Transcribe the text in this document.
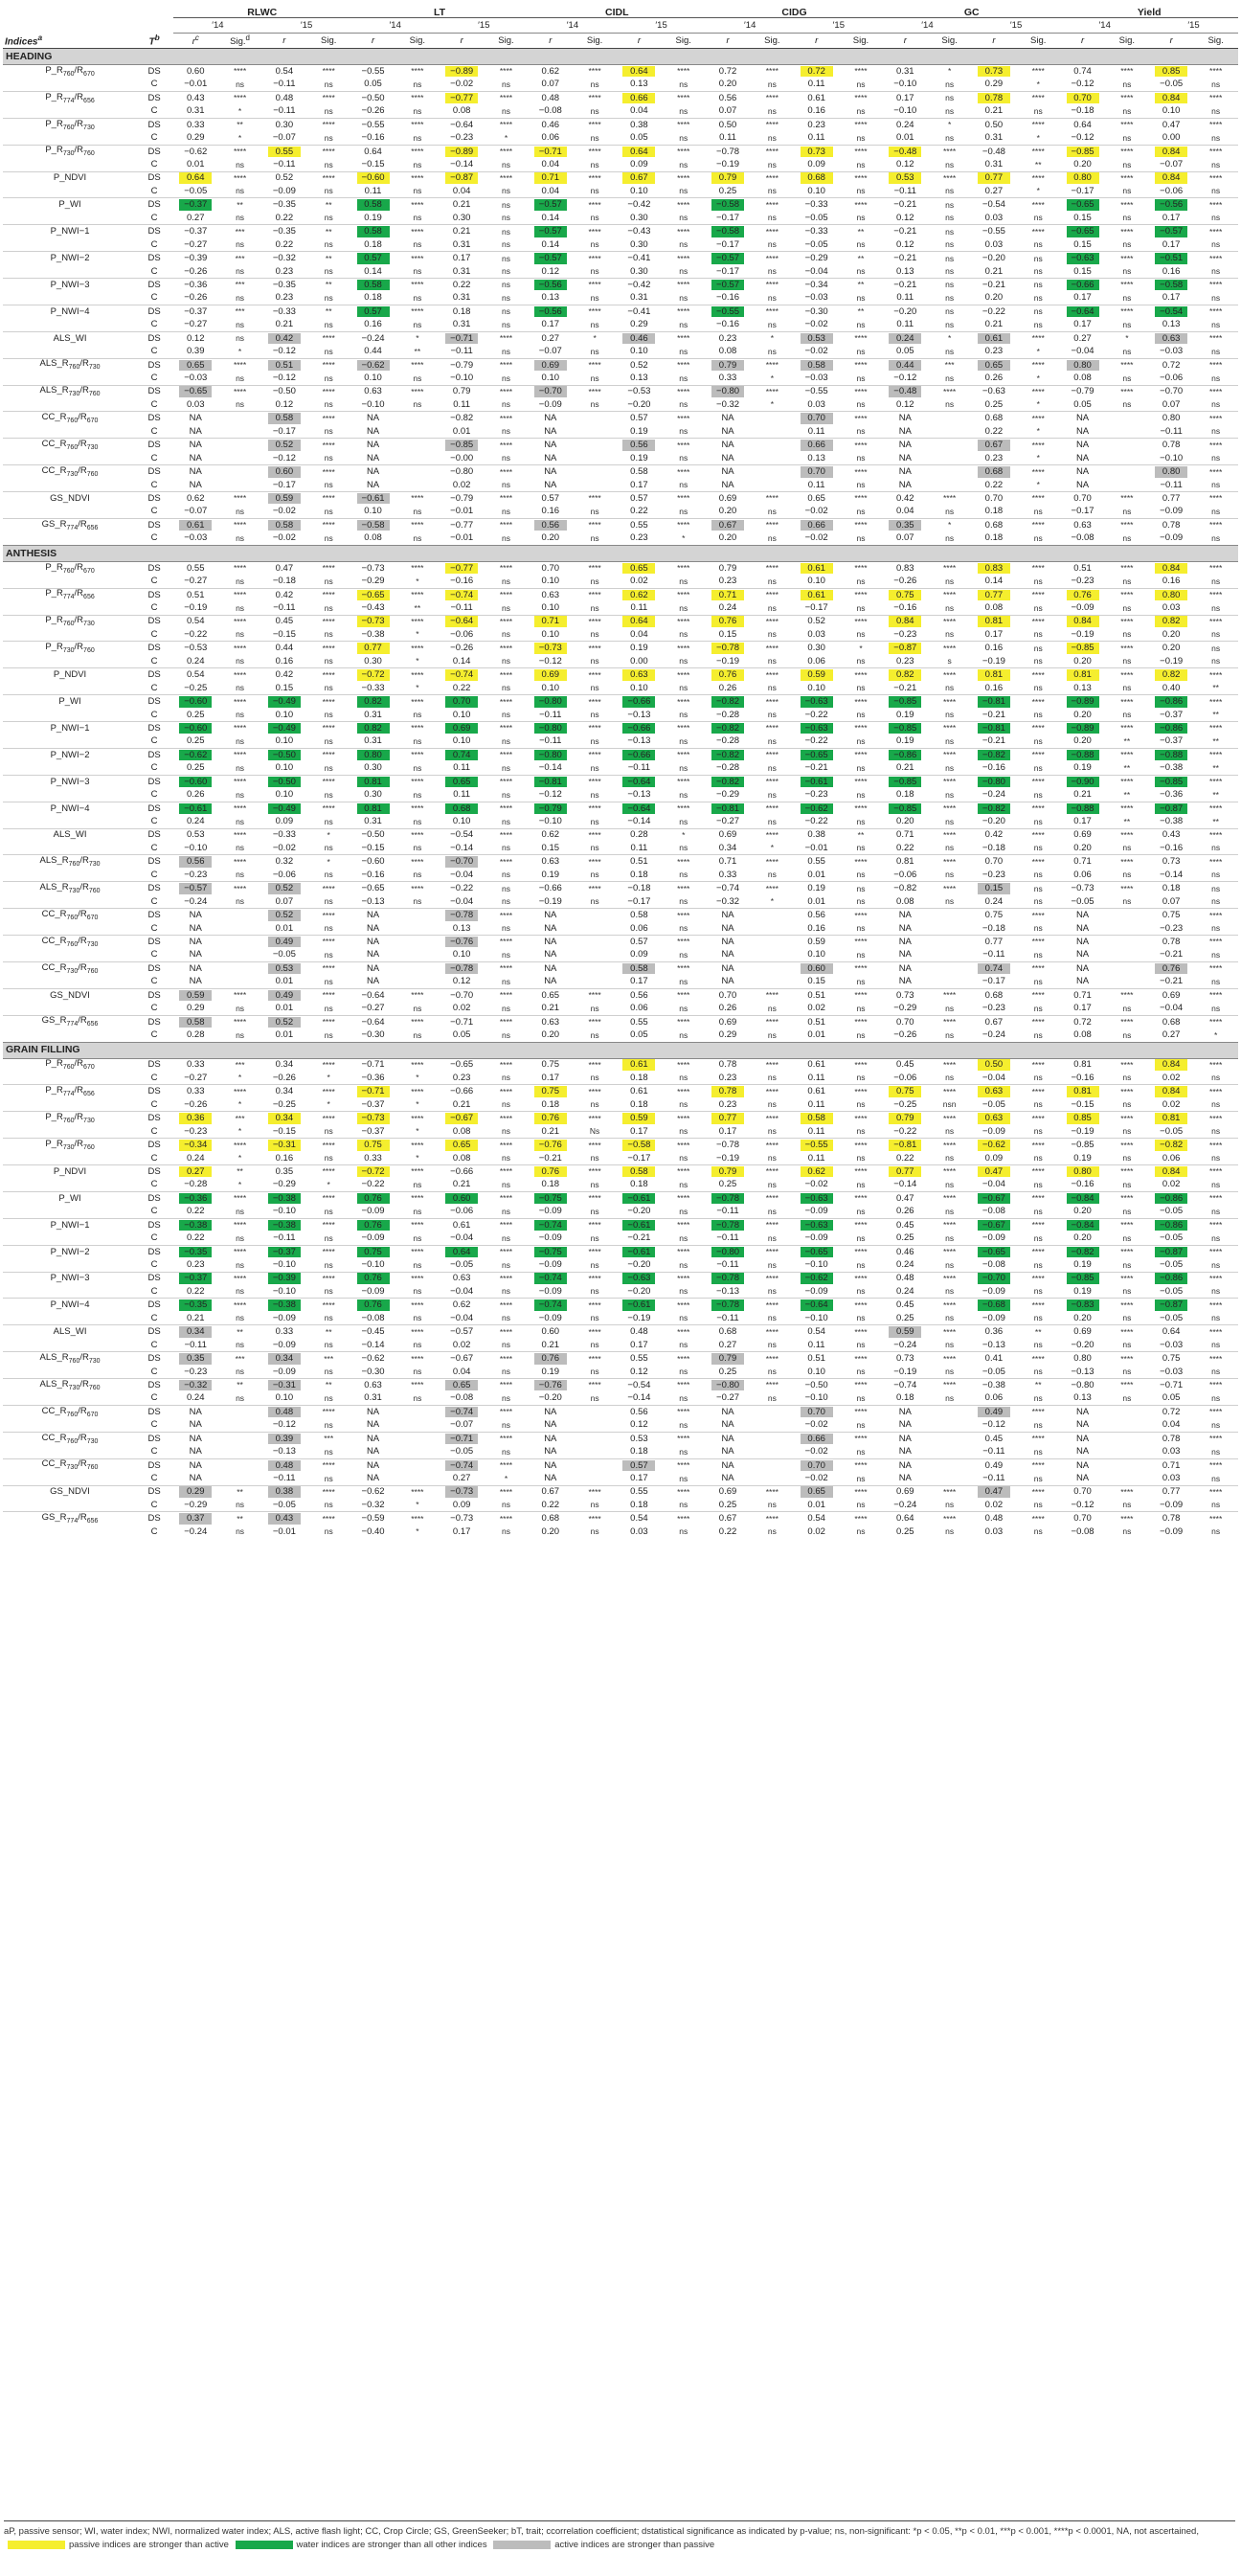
		RLWC				LT				CIDL				CIDG				GC				Yield			
		′14		′15		′14		′15		′14		′15		′14		′15		′14		′15		′14		′15	
Indices$^a$	$T^b$	$r^c$	Sig.$^d$	r	Sig.	r	Sig.	r	Sig.	r	Sig.	r	Sig.	r	Sig.	r	Sig.	r	Sig.	r	Sig.	r	Sig.	r	Sig.
HEADING																									
$P\_R_{760}/R_{670}$	DS	0.60	****	0.54	****	−0.55	****	−0.89	****	0.62	****	0.64	****	0.72	****	0.72	****	0.31	*	0.73	****	0.74	****	0.85	****
	C	−0.01	ns	−0.11	ns	0.05	ns	−0.02	ns	0.07	ns	0.13	ns	0.20	ns	0.11	ns	−0.10	ns	0.29	*	−0.12	ns	−0.05	ns
$P\_R_{774}/R_{656}$	DS	0.43	****	0.48	****	−0.50	****	−0.77	****	0.48	****	0.66	****	0.56	****	0.61	****	0.17	ns	0.78	****	0.70	****	0.84	****
	C	0.31	*	−0.11	ns	−0.26	ns	0.08	ns	−0.08	ns	0.04	ns	0.07	ns	0.16	ns	−0.10	ns	0.21	ns	−0.18	ns	0.10	ns
$P\_R_{760}/R_{730}$	DS	0.33	**	0.30	****	−0.55	****	−0.64	****	0.46	****	0.38	****	0.50	****	0.23	****	0.24	*	0.50	****	0.64	****	0.47	****
	C	0.29	*	−0.07	ns	−0.16	ns	−0.23	*	0.06	ns	0.05	ns	0.11	ns	0.11	ns	0.01	ns	0.31	*	−0.12	ns	0.00	ns
$P\_R_{730}/R_{760}$	DS	−0.62	****	0.55	****	0.64	****	−0.89	****	−0.71	****	0.64	****	−0.78	****	0.73	****	−0.48	****	−0.48	****	−0.85	****	0.84	****
	C	0.01	ns	−0.11	ns	−0.15	ns	−0.14	ns	0.04	ns	0.09	ns	−0.19	ns	0.09	ns	0.12	ns	0.31	**	0.20	ns	−0.07	ns
P_NDVI	DS	0.64	****	0.52	****	−0.60	****	−0.87	****	0.71	****	0.67	****	0.79	****	0.68	****	0.53	****	0.77	****	0.80	****	0.84	****
	C	−0.05	ns	−0.09	ns	0.11	ns	0.04	ns	0.04	ns	0.10	ns	0.25	ns	0.10	ns	−0.11	ns	0.27	*	−0.17	ns	−0.06	ns
P_WI	DS	−0.37	**	−0.35	**	0.58	****	0.21	ns	−0.57	****	−0.42	****	−0.58	****	−0.33	****	−0.21	ns	−0.54	****	−0.65	****	−0.56	****
	C	0.27	ns	0.22	ns	0.19	ns	0.30	ns	0.14	ns	0.30	ns	−0.17	ns	−0.05	ns	0.12	ns	0.03	ns	0.15	ns	0.17	ns
P_NWI−1	DS	−0.37	***	−0.35	**	0.58	****	0.21	ns	−0.57	****	−0.43	****	−0.58	****	−0.33	**	−0.21	ns	−0.55	****	−0.65	****	−0.57	****
	C	−0.27	ns	0.22	ns	0.18	ns	0.31	ns	0.14	ns	0.30	ns	−0.17	ns	−0.05	ns	0.12	ns	0.03	ns	0.15	ns	0.17	ns
P_NWI−2	DS	−0.39	***	−0.32	**	0.57	****	0.17	ns	−0.57	****	−0.41	****	−0.57	****	−0.29	**	−0.21	ns	−0.20	ns	−0.63	****	−0.51	****
	C	−0.26	ns	0.23	ns	0.14	ns	0.31	ns	0.12	ns	0.30	ns	−0.17	ns	−0.04	ns	0.13	ns	0.21	ns	0.15	ns	0.16	ns
P_NWI−3	DS	−0.36	***	−0.35	**	0.58	****	0.22	ns	−0.56	****	−0.42	****	−0.57	****	−0.34	**	−0.21	ns	−0.21	ns	−0.66	****	−0.58	****
	C	−0.26	ns	0.23	ns	0.18	ns	0.31	ns	0.13	ns	0.31	ns	−0.16	ns	−0.03	ns	0.11	ns	0.20	ns	0.17	ns	0.17	ns
P_NWI−4	DS	−0.37	***	−0.33	**	0.57	****	0.18	ns	−0.56	****	−0.41	****	−0.55	****	−0.30	**	−0.20	ns	−0.22	ns	−0.64	****	−0.54	****
	C	−0.27	ns	0.21	ns	0.16	ns	0.31	ns	0.17	ns	0.29	ns	−0.16	ns	−0.02	ns	0.11	ns	0.21	ns	0.17	ns	0.13	ns
ALS_WI	DS	0.12	ns	0.42	****	−0.24	*	−0.71	****	0.27	*	0.46	****	0.23	*	0.53	****	0.24	*	0.61	****	0.27	*	0.63	****
	C	0.39	*	−0.12	ns	0.44	**	−0.11	ns	−0.07	ns	0.10	ns	0.08	ns	−0.02	ns	0.05	ns	0.23	*	−0.04	ns	−0.03	ns
$ALS\_R_{760}/R_{730}$	DS	0.65	****	0.51	****	−0.62	****	−0.79	****	0.69	****	0.52	****	0.79	****	0.58	****	0.44	***	0.65	****	0.80	****	0.72	****
	C	−0.03	ns	−0.12	ns	0.10	ns	−0.10	ns	0.10	ns	0.13	ns	0.33	*	−0.03	ns	−0.12	ns	0.26	*	0.08	ns	−0.06	ns
$ALS\_R_{730}/R_{760}$	DS	−0.65	****	−0.50	****	0.63	****	0.79	****	−0.70	****	−0.53	****	−0.80	****	−0.55	****	−0.48	****	−0.63	****	−0.79	****	−0.70	****
	C	0.03	ns	0.12	ns	−0.10	ns	0.11	ns	−0.09	ns	−0.20	ns	−0.32	*	0.03	ns	0.12	ns	0.25	*	0.05	ns	0.07	ns
$CC\_R_{760}/R_{670}$	DS	NA		0.58	****	NA		−0.82	****	NA		0.57	****	NA		0.70	****	NA		0.68	****	NA		0.80	****
	C	NA		−0.17	ns	NA		0.01	ns	NA		0.19	ns	NA		0.11	ns	NA		0.22	*	NA		−0.11	ns
$CC\_R_{760}/R_{730}$	DS	NA		0.52	****	NA		−0.85	****	NA		0.56	****	NA		0.66	****	NA		0.67	****	NA		0.78	****
	C	NA		−0.12	ns	NA		−0.00	ns	NA		0.19	ns	NA		0.13	ns	NA		0.23	*	NA		−0.10	ns
$CC\_R_{730}/R_{760}$	DS	NA		0.60	****	NA		−0.80	****	NA		0.58	****	NA		0.70	****	NA		0.68	****	NA		0.80	****
	C	NA		−0.17	ns	NA		0.02	ns	NA		0.17	ns	NA		0.11	ns	NA		0.22	*	NA		−0.11	ns
GS_NDVI	DS	0.62	****	0.59	****	−0.61	****	−0.79	****	0.57	****	0.57	****	0.69	****	0.65	****	0.42	****	0.70	****	0.70	****	0.77	****
	C	−0.07	ns	−0.02	ns	0.10	ns	−0.01	ns	0.16	ns	0.22	ns	0.20	ns	−0.02	ns	0.04	ns	0.18	ns	−0.17	ns	−0.09	ns
$GS\_R_{774}/R_{656}$	DS	0.61	****	0.58	****	−0.58	****	−0.77	****	0.56	****	0.55	****	0.67	****	0.66	****	0.35	*	0.68	****	0.63	****	0.78	****
	C	−0.03	ns	−0.02	ns	0.08	ns	−0.01	ns	0.20	ns	0.23	*	0.20	ns	−0.02	ns	0.07	ns	0.18	ns	−0.08	ns	−0.09	ns
ANTHESIS																									
$P\_R_{760}/R_{670}$	DS	0.55	****	0.47	****	−0.73	****	−0.77	****	0.70	****	0.65	****	0.79	****	0.61	****	0.83	****	0.83	****	0.51	****	0.84	****
	C	−0.27	ns	−0.18	ns	−0.29	*	−0.16	ns	0.10	ns	0.02	ns	0.23	ns	0.10	ns	−0.26	ns	0.14	ns	−0.23	ns	0.16	ns
$P\_R_{774}/R_{656}$	DS	0.51	****	0.42	****	−0.65	****	−0.74	****	0.63	****	0.62	****	0.71	****	0.61	****	0.75	****	0.77	****	0.76	****	0.80	****
	C	−0.19	ns	−0.11	ns	−0.43	**	−0.11	ns	0.10	ns	0.11	ns	0.24	ns	−0.17	ns	−0.16	ns	0.08	ns	−0.09	ns	0.03	ns
$P\_R_{760}/R_{730}$	DS	0.54	****	0.45	****	−0.73	****	−0.64	****	0.71	****	0.64	****	0.76	****	0.52	****	0.84	****	0.81	****	0.84	****	0.82	****
	C	−0.22	ns	−0.15	ns	−0.38	*	−0.06	ns	0.10	ns	0.04	ns	0.15	ns	0.03	ns	−0.23	ns	0.17	ns	−0.19	ns	0.20	ns
$P\_R_{730}/R_{760}$	DS	−0.53	****	0.44	****	0.77	****	−0.26	****	−0.73	****	0.19	****	−0.78	****	0.30	*	−0.87	****	0.16	ns	−0.85	****	0.20	ns
	C	0.24	ns	0.16	ns	0.30	*	0.14	ns	−0.12	ns	0.00	ns	−0.19	ns	0.06	ns	0.23	s	−0.19	ns	0.20	ns	−0.19	ns
P_NDVI	DS	0.54	****	0.42	****	−0.72	****	−0.74	****	0.69	****	0.63	****	0.76	****	0.59	****	0.82	****	0.81	****	0.81	****	0.82	****
	C	−0.25	ns	0.15	ns	−0.33	*	0.22	ns	0.10	ns	0.10	ns	0.26	ns	0.10	ns	−0.21	ns	0.16	ns	0.13	ns	0.40	**
P_WI	DS	−0.60	****	−0.49	****	0.82	****	0.70	****	−0.80	****	−0.66	****	−0.82	****	−0.63	****	−0.85	****	−0.81	****	−0.89	****	−0.86	****
	C	0.25	ns	0.10	ns	0.31	ns	0.10	ns	−0.11	ns	−0.13	ns	−0.28	ns	−0.22	ns	0.19	ns	−0.21	ns	0.20	ns	−0.37	**
P_NWI−1	DS	−0.60	****	−0.49	****	0.82	****	0.69	****	−0.80	****	−0.66	****	−0.82	****	−0.63	****	−0.85	****	−0.81	****	−0.89	****	−0.86	****
	C	0.25	ns	0.10	ns	0.31	ns	0.10	ns	−0.11	ns	−0.13	ns	−0.28	ns	−0.22	ns	0.19	ns	−0.21	ns	0.20	**	−0.37	**
P_NWI−2	DS	−0.62	****	−0.50	****	0.80	****	0.74	****	−0.80	****	−0.66	****	−0.82	****	−0.65	****	−0.86	****	−0.82	****	−0.88	****	−0.88	****
	C	0.25	ns	0.10	ns	0.30	ns	0.11	ns	−0.14	ns	−0.11	ns	−0.28	ns	−0.21	ns	0.21	ns	−0.16	ns	0.19	**	−0.38	**
P_NWI−3	DS	−0.60	****	−0.50	****	0.81	****	0.65	****	−0.81	****	−0.64	****	−0.82	****	−0.61	****	−0.85	****	−0.80	****	−0.90	****	−0.85	****
	C	0.26	ns	0.10	ns	0.30	ns	0.11	ns	−0.12	ns	−0.13	ns	−0.29	ns	−0.23	ns	0.18	ns	−0.24	ns	0.21	**	−0.36	**
P_NWI−4	DS	−0.61	****	−0.49	****	0.81	****	0.68	****	−0.79	****	−0.64	****	−0.81	****	−0.62	****	−0.85	****	−0.82	****	−0.88	****	−0.87	****
	C	0.24	ns	0.09	ns	0.31	ns	0.10	ns	−0.10	ns	−0.14	ns	−0.27	ns	−0.22	ns	0.20	ns	−0.20	ns	0.17	**	−0.38	**
ALS_WI	DS	0.53	****	−0.33	*	−0.50	****	−0.54	****	0.62	****	0.28	*	0.69	****	0.38	**	0.71	****	0.42	****	0.69	****	0.43	****
	C	−0.10	ns	−0.02	ns	−0.15	ns	−0.14	ns	0.15	ns	0.11	ns	0.34	*	−0.01	ns	0.22	ns	−0.18	ns	0.20	ns	−0.16	ns
$ALS\_R_{760}/R_{730}$	DS	0.56	****	0.32	*	−0.60	****	−0.70	****	0.63	****	0.51	****	0.71	****	0.55	****	0.81	****	0.70	****	0.71	****	0.73	****
	C	−0.23	ns	−0.06	ns	−0.16	ns	−0.04	ns	0.19	ns	0.18	ns	0.33	ns	0.01	ns	−0.06	ns	−0.23	ns	0.06	ns	−0.14	ns
$ALS\_R_{730}/R_{760}$	DS	−0.57	****	0.52	****	−0.65	****	−0.22	ns	−0.66	****	−0.18	****	−0.74	****	0.19	ns	−0.82	****	0.15	ns	−0.73	****	0.18	ns
	C	−0.24	ns	0.07	ns	−0.13	ns	−0.04	ns	−0.19	ns	−0.17	ns	−0.32	*	0.01	ns	0.08	ns	0.24	ns	−0.05	ns	0.07	ns
$CC\_R_{760}/R_{670}$	DS	NA		0.52	****	NA		−0.78	****	NA		0.58	****	NA		0.56	****	NA		0.75	****	NA		0.75	****
	C	NA		0.01	ns	NA		0.13	ns	NA		0.06	ns	NA		0.16	ns	NA		−0.18	ns	NA		−0.23	ns
$CC\_R_{760}/R_{730}$	DS	NA		0.49	****	NA		−0.76	****	NA		0.57	****	NA		0.59	****	NA		0.77	****	NA		0.78	****
	C	NA		−0.05	ns	NA		0.10	ns	NA		0.09	ns	NA		0.10	ns	NA		−0.11	ns	NA		−0.21	ns
$CC\_R_{730}/R_{760}$	DS	NA		0.53	****	NA		−0.78	****	NA		0.58	****	NA		0.60	****	NA		0.74	****	NA		0.76	****
	C	NA		0.01	ns	NA		0.12	ns	NA		0.17	ns	NA		0.15	ns	NA		−0.17	ns	NA		−0.21	ns
GS_NDVI	DS	0.59	****	0.49	****	−0.64	****	−0.70	****	0.65	****	0.56	****	0.70	****	0.51	****	0.73	****	0.68	****	0.71	****	0.69	****
	C	0.29	ns	0.01	ns	−0.27	ns	0.02	ns	0.21	ns	0.06	ns	0.26	ns	0.02	ns	−0.29	ns	−0.23	ns	0.17	ns	−0.04	ns
$GS\_R_{774}/R_{656}$	DS	0.58	****	0.52	****	−0.64	****	−0.71	****	0.63	****	0.55	****	0.69	****	0.51	****	0.70	****	0.67	****	0.72	****	0.68	****
	C	0.28	ns	0.01	ns	−0.30	ns	0.05	ns	0.20	ns	0.05	ns	0.29	ns	0.01	ns	−0.26	ns	−0.24	ns	0.08	ns	0.27	*
GRAIN FILLING																									
$P\_R_{760}/R_{670}$	DS	0.33	***	0.34	****	−0.71	****	−0.65	****	0.75	****	0.61	****	0.78	****	0.61	****	0.45	****	0.50	****	0.81	****	0.84	****
	C	−0.27	*	−0.26	*	−0.36	*	0.23	ns	0.17	ns	0.18	ns	0.23	ns	0.11	ns	−0.06	ns	−0.04	ns	−0.16	ns	0.02	ns
$P\_R_{774}/R_{656}$	DS	0.33	****	0.34	****	−0.71	****	−0.66	****	0.75	****	0.61	****	0.78	****	0.61	****	0.75	****	0.63	****	0.81	****	0.84	****
	C	−0.26	*	−0.25	*	−0.37	*	0.21	ns	0.18	ns	0.18	ns	0.23	ns	0.11	ns	−0.25	nsn	−0.05	ns	−0.15	ns	0.02	ns
$P\_R_{760}/R_{730}$	DS	0.36	***	0.34	****	−0.73	****	−0.67	****	0.76	****	0.59	****	0.77	****	0.58	****	0.79	****	0.63	****	0.85	****	0.81	****
	C	−0.23	*	−0.15	ns	−0.37	*	0.08	ns	0.21	Ns	0.17	ns	0.17	ns	0.11	ns	−0.22	ns	−0.09	ns	−0.19	ns	−0.05	ns
$P\_R_{730}/R_{760}$	DS	−0.34	****	−0.31	****	0.75	****	0.65	****	−0.76	****	−0.58	****	−0.78	****	−0.55	****	−0.81	****	−0.62	****	−0.85	****	−0.82	****
	C	0.24	*	0.16	ns	0.33	*	0.08	ns	−0.21	ns	−0.17	ns	−0.19	ns	0.11	ns	0.22	ns	0.09	ns	0.19	ns	0.06	ns
P_NDVI	DS	0.27	**	0.35	****	−0.72	****	−0.66	****	0.76	****	0.58	****	0.79	****	0.62	****	0.77	****	0.47	****	0.80	****	0.84	****
	C	−0.28	*	−0.29	*	−0.22	ns	0.21	ns	0.18	ns	0.18	ns	0.25	ns	−0.02	ns	−0.14	ns	−0.04	ns	−0.16	ns	0.02	ns
P_WI	DS	−0.36	****	−0.38	****	0.76	****	0.60	****	−0.75	****	−0.61	****	−0.78	****	−0.63	****	0.47	****	−0.67	****	−0.84	****	−0.86	****
	C	0.22	ns	−0.10	ns	−0.09	ns	−0.06	ns	−0.09	ns	−0.20	ns	−0.11	ns	−0.09	ns	0.26	ns	−0.08	ns	0.20	ns	−0.05	ns
P_NWI−1	DS	−0.38	****	−0.38	****	0.76	****	0.61	****	−0.74	****	−0.61	****	−0.78	****	−0.63	****	0.45	****	−0.67	****	−0.84	****	−0.86	****
	C	0.22	ns	−0.11	ns	−0.09	ns	−0.04	ns	−0.09	ns	−0.21	ns	−0.11	ns	−0.09	ns	0.25	ns	−0.09	ns	0.20	ns	−0.05	ns
P_NWI−2	DS	−0.35	****	−0.37	****	0.75	****	0.64	****	−0.75	****	−0.61	****	−0.80	****	−0.65	****	0.46	****	−0.65	****	−0.82	****	−0.87	****
	C	0.23	ns	−0.10	ns	−0.10	ns	−0.05	ns	−0.09	ns	−0.20	ns	−0.11	ns	−0.10	ns	0.24	ns	−0.08	ns	0.19	ns	−0.05	ns
P_NWI−3	DS	−0.37	****	−0.39	****	0.76	****	0.63	****	−0.74	****	−0.63	****	−0.78	****	−0.62	****	0.48	****	−0.70	****	−0.85	****	−0.86	****
	C	0.22	ns	−0.10	ns	−0.09	ns	−0.04	ns	−0.09	ns	−0.20	ns	−0.13	ns	−0.09	ns	0.24	ns	−0.09	ns	0.19	ns	−0.05	ns
P_NWI−4	DS	−0.35	****	−0.38	****	0.76	****	0.62	****	−0.74	****	−0.61	****	−0.78	****	−0.64	****	0.45	****	−0.68	****	−0.83	****	−0.87	****
	C	0.21	ns	−0.09	ns	−0.08	ns	−0.04	ns	−0.09	ns	−0.19	ns	−0.11	ns	−0.10	ns	0.25	ns	−0.09	ns	0.20	ns	−0.05	ns
ALS_WI	DS	0.34	**	0.33	**	−0.45	****	−0.57	****	0.60	****	0.48	****	0.68	****	0.54	****	0.59	****	0.36	**	0.69	****	0.64	****
	C	−0.11	ns	−0.09	ns	−0.14	ns	0.02	ns	0.21	ns	0.17	ns	0.27	ns	0.11	ns	−0.24	ns	−0.13	ns	−0.20	ns	−0.03	ns
$ALS\_R_{760}/R_{730}$	DS	0.35	***	0.34	***	−0.62	****	−0.67	****	0.76	****	0.55	****	0.79	****	0.51	****	0.73	****	0.41	****	0.80	****	0.75	****
	C	−0.23	ns	−0.09	ns	−0.30	ns	0.04	ns	0.19	ns	0.12	ns	0.25	ns	0.10	ns	−0.19	ns	−0.05	ns	−0.13	ns	−0.03	ns
$ALS\_R_{730}/R_{760}$	DS	−0.32	**	−0.31	**	0.63	****	0.65	****	−0.76	****	−0.54	****	−0.80	****	−0.50	****	−0.74	****	−0.38	**	−0.80	****	−0.71	****
	C	0.24	ns	0.10	ns	0.31	ns	−0.08	ns	−0.20	ns	−0.14	ns	−0.27	ns	−0.10	ns	0.18	ns	0.06	ns	0.13	ns	0.05	ns
$CC\_R_{760}/R_{670}$	DS	NA		0.48	****	NA		−0.74	****	NA		0.56	****	NA		0.70	****	NA		0.49	****	NA		0.72	****
	C	NA		−0.12	ns	NA		−0.07	ns	NA		0.12	ns	NA		−0.02	ns	NA		−0.12	ns	NA		0.04	ns
$CC\_R_{760}/R_{730}$	DS	NA		0.39	***	NA		−0.71	****	NA		0.53	****	NA		0.66	****	NA		0.45	****	NA		0.78	****
	C	NA		−0.13	ns	NA		−0.05	ns	NA		0.18	ns	NA		−0.02	ns	NA		−0.11	ns	NA		0.03	ns
$CC\_R_{730}/R_{760}$	DS	NA		0.48	****	NA		−0.74	****	NA		0.57	****	NA		0.70	****	NA		0.49	****	NA		0.71	****
	C	NA		−0.11	ns	NA		0.27	*	NA		0.17	ns	NA		−0.02	ns	NA		−0.11	ns	NA		0.03	ns
GS_NDVI	DS	0.29	**	0.38	****	−0.62	****	−0.73	****	0.67	****	0.55	****	0.69	****	0.65	****	0.69	****	0.47	****	0.70	****	0.77	****
	C	−0.29	ns	−0.05	ns	−0.32	*	0.09	ns	0.22	ns	0.18	ns	0.25	ns	0.01	ns	−0.24	ns	0.02	ns	−0.12	ns	−0.09	ns
$GS\_R_{774}/R_{656}$	DS	0.37	**	0.43	****	−0.59	****	−0.73	****	0.68	****	0.54	****	0.67	****	0.54	****	0.64	****	0.48	****	0.70	****	0.78	****
	C	−0.24	ns	−0.01	ns	−0.40	*	0.17	ns	0.20	ns	0.03	ns	0.22	ns	0.02	ns	0.25	ns	0.03	ns	−0.08	ns	−0.09	ns
aP, passive sensor; WI, water index; NWI, normalized water index; ALS, active flash light; CC, Crop Circle; GS, GreenSeeker; bT, trait; ccorrelation coefficient; dstatistical significance as indicated by p-value; ns, non-significant: *p < 0.05, **p < 0.01, ***p < 0.001, ****p < 0.0001, NA, not ascertained, passive indices are stronger than active	water indices are stronger than all other indices	active indices are stronger than passive
